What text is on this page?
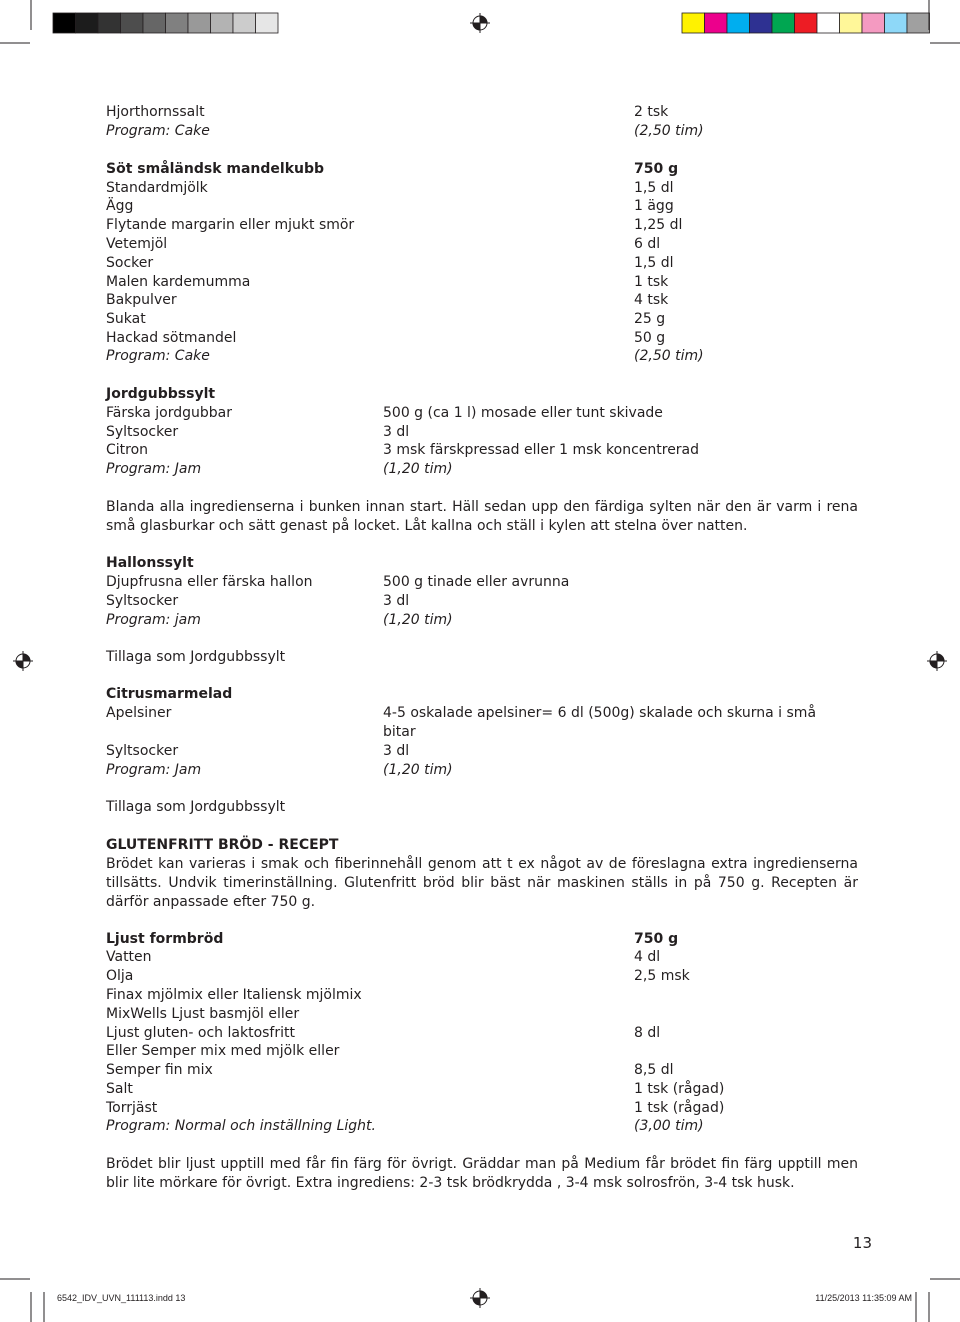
Hjorthornssalt	2 tsk
Program: Cake	(2,50 tim)
Söt småländsk mandelkubb	750 g
Standardmjölk	1,5 dl
Ägg	1 ägg
Flytande margarin eller mjukt smör	1,25 dl
Vetemjöl	6 dl
Socker	1,5 dl
Malen kardemumma	1 tsk
Bakpulver	4 tsk
Sukat	25 g
Hackad sötmandel	50 g
Program: Cake	(2,50 tim)
Jordgubbssylt
Färska jordgubbar	500 g (ca 1 l) mosade eller tunt skivade
Syltsocker	3 dl
Citron	3 msk färskpressad eller 1 msk koncentrerad
Program: Jam	(1,20 tim)
Blanda alla ingredienserna i bunken innan start. Häll sedan upp den färdiga sylten när den är varm i rena små glasburkar och sätt genast på locket. Låt kallna och ställ i kylen att stelna över natten.
Hallonssylt
Djupfrusna eller färska hallon	500 g tinade eller avrunna
Syltsocker	3 dl
Program: jam	(1,20 tim)
Tillaga som Jordgubbssylt
Citrusmarmelad
Apelsiner	4-5 oskalade apelsiner= 6 dl (500g) skalade och skurna i små
bitar
Syltsocker	3 dl
Program: Jam	(1,20 tim)
Tillaga som Jordgubbssylt
GLUTENFRITT BRÖD - RECEPT
Brödet kan varieras i smak och fiberinnehåll genom att t ex något av de föreslagna extra ingredienserna tillsätts. Undvik timerinställning. Glutenfritt bröd blir bäst när maskinen ställs in på 750 g. Recepten är därför anpassade efter 750 g.
Ljust formbröd	750 g
Vatten	4 dl
Olja	2,5 msk
Finax mjölmix eller Italiensk mjölmix
MixWells Ljust basmjöl eller
Ljust gluten- och laktosfritt	8 dl
Eller Semper mix med mjölk eller
Semper fin mix	8,5 dl
Salt	1 tsk (rågad)
Torrjäst	1 tsk (rågad)
Program: Normal och inställning Light.	(3,00 tim)
Brödet blir ljust upptill med får fin färg för övrigt. Gräddar man på Medium får brödet fin färg upptill men blir lite mörkare för övrigt. Extra ingrediens: 2-3 tsk brödkrydda , 3-4 msk solrosfrön, 3-4 tsk husk.
13
6542_IDV_UVN_111113.indd 13	11/25/2013 11:35:09 AM
